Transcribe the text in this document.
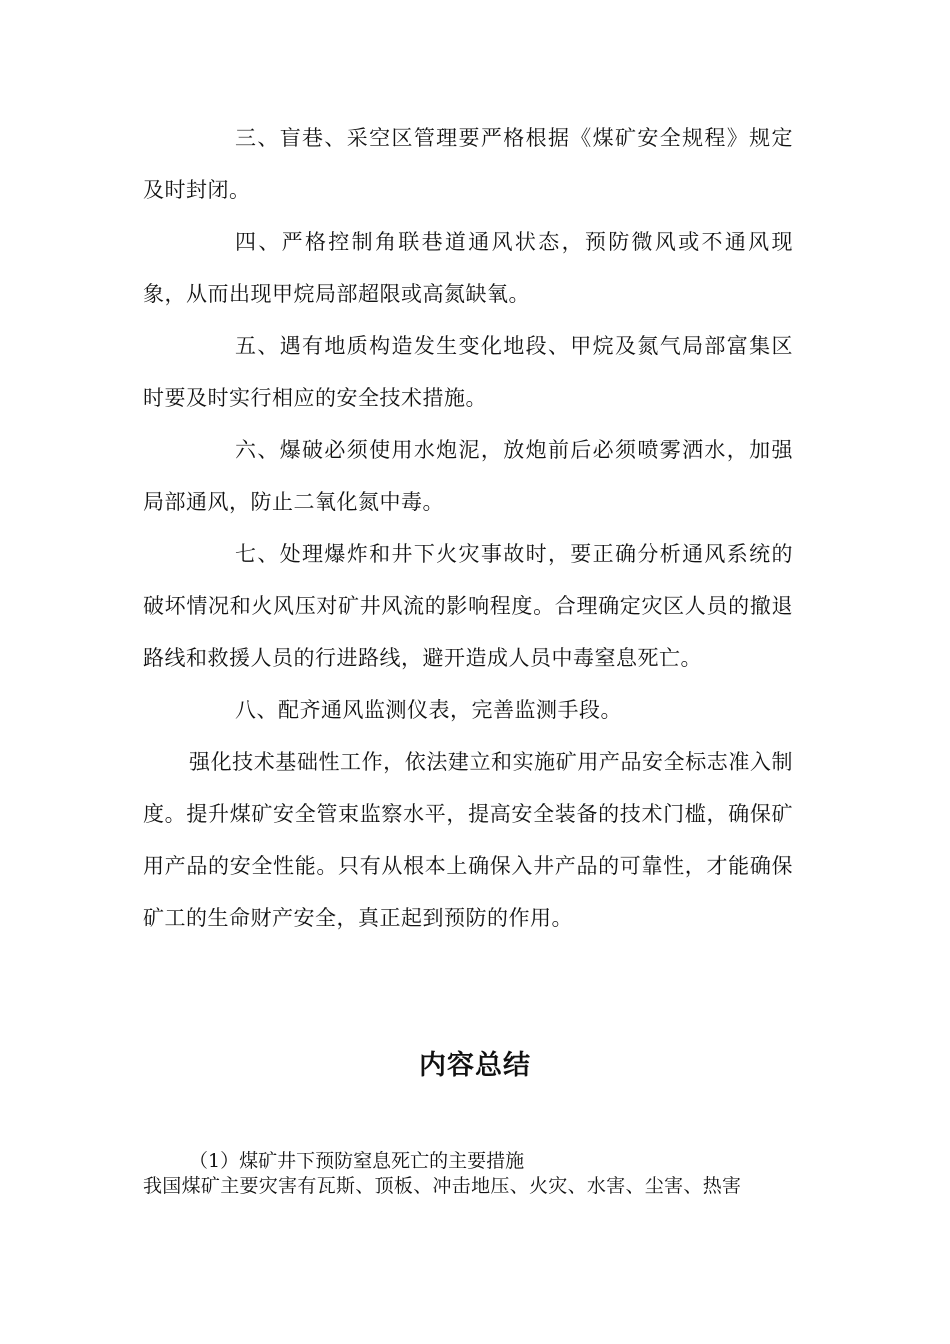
三、盲巷、采空区管理要严格根据《煤矿安全规程》规定及时封闭。

四、严格控制角联巷道通风状态，预防微风或不通风现象，从而出现甲烷局部超限或高氮缺氧。

五、遇有地质构造发生变化地段、甲烷及氮气局部富集区时要及时实行相应的安全技术措施。

六、爆破必须使用水炮泥，放炮前后必须喷雾洒水，加强局部通风，防止二氧化氮中毒。

七、处理爆炸和井下火灾事故时，要正确分析通风系统的破坏情况和火风压对矿井风流的影响程度。合理确定灾区人员的撤退路线和救援人员的行进路线，避开造成人员中毒窒息死亡。

八、配齐通风监测仪表，完善监测手段。

强化技术基础性工作，依法建立和实施矿用产品安全标志准入制度。提升煤矿安全管束监察水平，提高安全装备的技术门槛，确保矿用产品的安全性能。只有从根本上确保入井产品的可靠性，才能确保矿工的生命财产安全，真正起到预防的作用。

内容总结

（1）煤矿井下预防窒息死亡的主要措施

我国煤矿主要灾害有瓦斯、顶板、冲击地压、火灾、水害、尘害、热害
